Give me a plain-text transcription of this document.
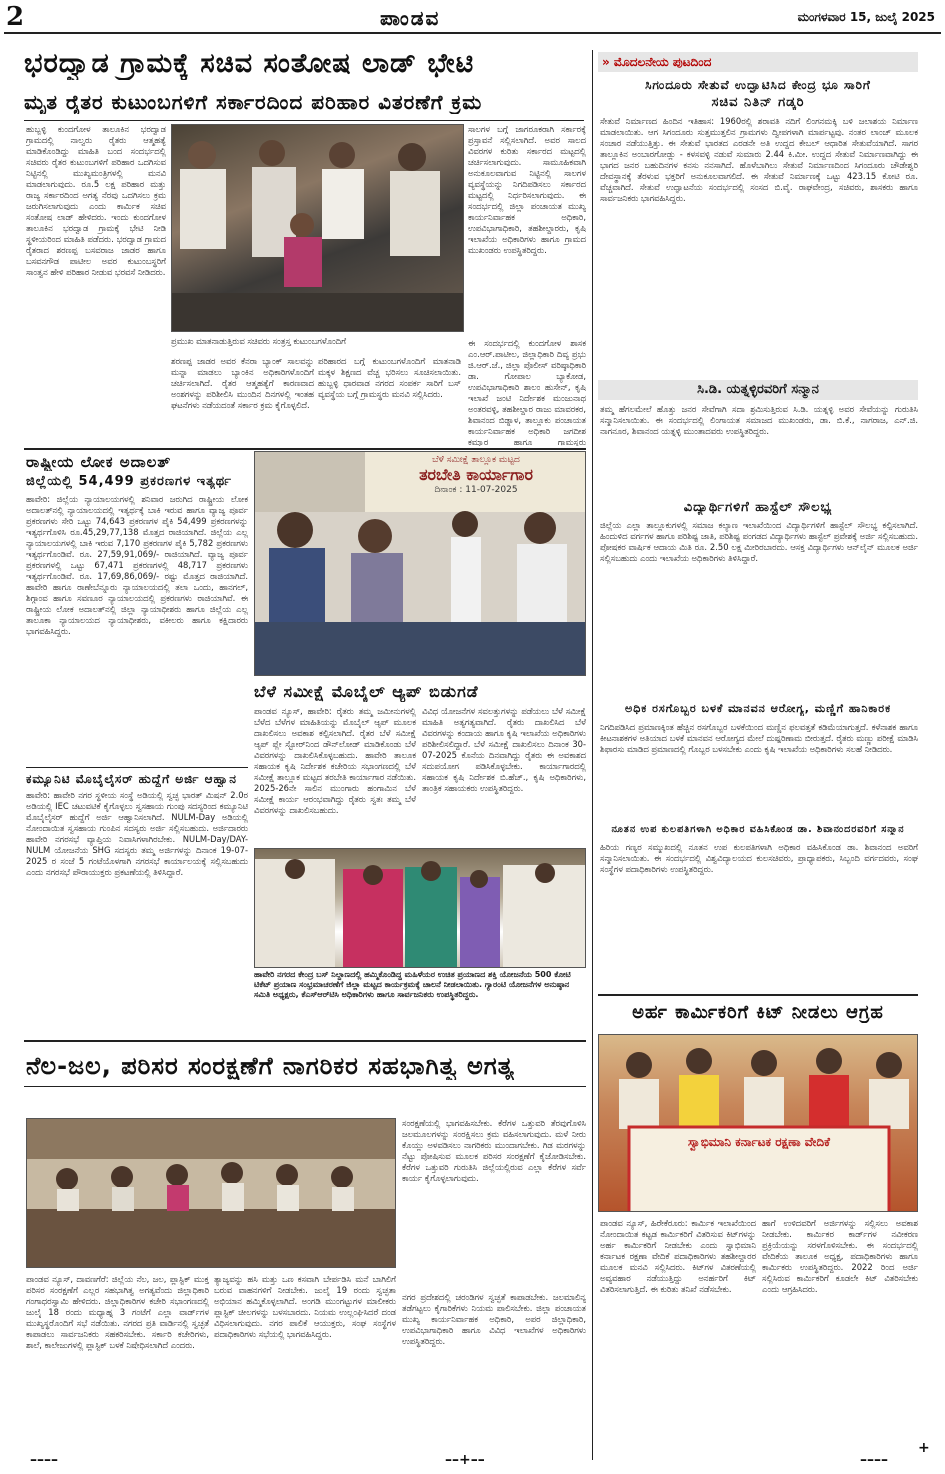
2	ಪಾಂಡವ	ಮಂಗಳವಾರ 15, ಜುಲೈ 2025
ಭರದ್ವಾಡ ಗ್ರಾಮಕ್ಕೆ ಸಚಿವ ಸಂತೋಷ ಲಾಡ್ ಭೇಟಿ
ಮೃತ ರೈತರ ಕುಟುಂಬಗಳಿಗೆ ಸರ್ಕಾರದಿಂದ ಪರಿಹಾರ ವಿತರಣೆಗೆ ಕ್ರಮ
ಹುಬ್ಬಳ್ಳಿ ಕುಂದಗೋಳ ತಾಲೂಕಿನ ಭರದ್ವಾಡ ಗ್ರಾಮದಲ್ಲಿ ನಾಲ್ವರು ರೈತರು ಆತ್ಮಹತ್ಯೆ ಮಾಡಿಕೊಂಡಿದ್ದು ಮಾಹಿತಿ ಬಂದ ಸಂದರ್ಭದಲ್ಲಿ ಸಚಿವರು ರೈತರ ಕುಟುಂಬಗಳಿಗೆ ಪರಿಹಾರ ಒದಗಿಸುವ ನಿಟ್ಟಿನಲ್ಲಿ ಮುಖ್ಯಮಂತ್ರಿಗಳಲ್ಲಿ ಮನವಿ ಮಾಡಲಾಗುವುದು. ರೂ.5 ಲಕ್ಷ ಪರಿಹಾರ ಮತ್ತು ರಾಜ್ಯ ಸರ್ಕಾರದಿಂದ ಅಗತ್ಯ ನೆರವು ಒದಗಿಸಲು ಕ್ರಮ ಜರುಗಿಸಲಾಗುವುದು ಎಂದು ಕಾರ್ಮಿಕ ಸಚಿವ ಸಂತೋಷ ಲಾಡ್ ಹೇಳಿದರು. ಇಂದು ಕುಂದಗೋಳ ತಾಲೂಕಿನ ಭರದ್ವಾಡ ಗ್ರಾಮಕ್ಕೆ ಭೇಟಿ ನೀಡಿ ಸ್ಥಳೀಯರಿಂದ ಮಾಹಿತಿ ಪಡೆದರು. ಭರದ್ವಾಡ ಗ್ರಾಮದ ರೈತರಾದ ಶರಣಪ್ಪ ಬಸವರಾಜ ಜಾಡರ ಹಾಗೂ ಬಸವನಗೌಡ ಪಾಟೀಲ ಅವರ ಕುಟುಂಬಸ್ಥರಿಗೆ ಸಾಂತ್ವನ ಹೇಳಿ ಪರಿಹಾರ ನೀಡುವ ಭರವಸೆ ನೀಡಿದರು.
ಪ್ರಮುಖ ಮಾತನಾಡುತ್ತಿರುವ ಸಚಿವರು ಸಂತ್ರಸ್ತ ಕುಟುಂಬಗಳೊಂದಿಗೆ
ಸಾಲಗಳ ಬಗ್ಗೆ ಜಾಗರೂಕರಾಗಿ ಸರ್ಕಾರಕ್ಕೆ ಪ್ರಸ್ತಾವನೆ ಸಲ್ಲಿಸಲಾಗಿದೆ. ಅವರ ಸಾಲದ ವಿವರಗಳ ಕುರಿತು ಸರ್ಕಾರದ ಮಟ್ಟದಲ್ಲಿ ಚರ್ಚಿಸಲಾಗುವುದು. ಸಾಮೂಹಿಕವಾಗಿ ಅನುಕೂಲವಾಗುವ ನಿಟ್ಟಿನಲ್ಲಿ ಸಾಲಗಳ ವ್ಯವಸ್ಥೆಯನ್ನು ನಿಗದಿಪಡಿಸಲು ಸರ್ಕಾರದ ಮಟ್ಟದಲ್ಲಿ ನಿರ್ಧರಿಸಲಾಗುವುದು. ಈ ಸಂದರ್ಭದಲ್ಲಿ ಜಿಲ್ಲಾ ಪಂಚಾಯತ ಮುಖ್ಯ ಕಾರ್ಯನಿರ್ವಾಹಕ ಅಧಿಕಾರಿ, ಉಪವಿಭಾಗಾಧಿಕಾರಿ, ತಹಶೀಲ್ದಾರರು, ಕೃಷಿ ಇಲಾಖೆಯ ಅಧಿಕಾರಿಗಳು ಹಾಗೂ ಗ್ರಾಮದ ಮುಖಂಡರು ಉಪಸ್ಥಿತರಿದ್ದರು.
ಶರಣಪ್ಪ ಜಾಡರ ಅವರ ಕೆನರಾ ಬ್ಯಾಂಕ್ ಸಾಲವನ್ನು ಮನ್ನಾ ಮಾಡಲು ಬ್ಯಾಂಕಿನ ಅಧಿಕಾರಿಗಳೊಂದಿಗೆ ಚರ್ಚಿಸಲಾಗಿದೆ. ರೈತರ ಆತ್ಮಹತ್ಯೆಗೆ ಕಾರಣವಾದ ಅಂಶಗಳನ್ನು ಪರಿಶೀಲಿಸಿ ಮುಂದಿನ ದಿನಗಳಲ್ಲಿ ಇಂತಹ ಘಟನೆಗಳು ನಡೆಯದಂತೆ ಸರ್ಕಾರ ಕ್ರಮ ಕೈಗೊಳ್ಳಲಿದೆ.
ಪರಿಹಾರದ ಬಗ್ಗೆ ಕುಟುಂಬಗಳೊಂದಿಗೆ ಮಾತನಾಡಿ ಮಕ್ಕಳ ಶಿಕ್ಷಣದ ವೆಚ್ಚ ಭರಿಸಲು ಸೂಚಿಸಲಾಯಿತು. ಹುಬ್ಬಳ್ಳಿ ಧಾರವಾಡ ನಗರದ ಸಂಪರ್ಕ ಸಾರಿಗೆ ಬಸ್ ವ್ಯವಸ್ಥೆಯ ಬಗ್ಗೆ ಗ್ರಾಮಸ್ಥರು ಮನವಿ ಸಲ್ಲಿಸಿದರು.
ಈ ಸಂದರ್ಭದಲ್ಲಿ ಕುಂದಗೋಳ ಶಾಸಕ ಎಂ.ಆರ್.ಪಾಟೀಲ, ಜಿಲ್ಲಾಧಿಕಾರಿ ದಿವ್ಯ ಪ್ರಭು ಜಿ.ಆರ್.ಜೆ., ಜಿಲ್ಲಾ ಪೊಲೀಸ್ ವರಿಷ್ಠಾಧಿಕಾರಿ ಡಾ. ಗೋಪಾಲ ಬ್ಯಾಕೋಡ, ಉಪವಿಭಾಗಾಧಿಕಾರಿ ಶಾಲಂ ಹುಸೇನ್, ಕೃಷಿ ಇಲಾಖೆ ಜಂಟಿ ನಿರ್ದೇಶಕ ಮಂಜುನಾಥ ಅಂತರವಳ್ಳಿ, ತಹಶೀಲ್ದಾರ ರಾಜು ಮಾವರಕರ, ಶಿವಾನಂದ ಬಿಡ್ನಾಳ, ತಾಲ್ಲೂಕು ಪಂಚಾಯತ ಕಾರ್ಯನಿರ್ವಾಹಕ ಅಧಿಕಾರಿ ಜಗದೀಶ ಕಮ್ಮಾರ ಹಾಗೂ ಗ್ರಾಮಸ್ಥರು
ರಾಷ್ಟ್ರೀಯ ಲೋಕ ಅದಾಲತ್
ಜಿಲ್ಲೆಯಲ್ಲಿ 54,499 ಪ್ರಕರಣಗಳ ಇತ್ಯರ್ಥ
ಹಾವೇರಿ: ಜಿಲ್ಲೆಯ ನ್ಯಾಯಾಲಯಗಳಲ್ಲಿ ಶನಿವಾರ ಜರುಗಿದ ರಾಷ್ಟ್ರೀಯ ಲೋಕ ಅದಾಲತ್‌ನಲ್ಲಿ ನ್ಯಾಯಾಲಯದಲ್ಲಿ ಇತ್ಯರ್ಥಕ್ಕೆ ಬಾಕಿ ಇರುವ ಹಾಗೂ ವ್ಯಾಜ್ಯ ಪೂರ್ವ ಪ್ರಕರಣಗಳು ಸೇರಿ ಒಟ್ಟು 74,643 ಪ್ರಕರಣಗಳ ಪೈಕಿ 54,499 ಪ್ರಕರಣಗಳನ್ನು ಇತ್ಯರ್ಥಗೊಳಿಸಿ ರೂ.45,29,77,138 ಮೊತ್ತದ ರಾಜಿಯಾಗಿದೆ. ಜಿಲ್ಲೆಯ ಎಲ್ಲ ನ್ಯಾಯಾಲಯಗಳಲ್ಲಿ ಬಾಕಿ ಇರುವ 7,170 ಪ್ರಕರಣಗಳ ಪೈಕಿ 5,782 ಪ್ರಕರಣಗಳು ಇತ್ಯರ್ಥಗೊಂಡಿವೆ. ರೂ. 27,59,91,069/- ರಾಜಿಯಾಗಿದೆ. ವ್ಯಾಜ್ಯ ಪೂರ್ವ ಪ್ರಕರಣಗಳಲ್ಲಿ ಒಟ್ಟು 67,471 ಪ್ರಕರಣಗಳಲ್ಲಿ 48,717 ಪ್ರಕರಣಗಳು ಇತ್ಯರ್ಥಗೊಂಡಿವೆ. ರೂ. 17,69,86,069/- ರಷ್ಟು ಮೊತ್ತದ ರಾಜಿಯಾಗಿದೆ. ಹಾವೇರಿ ಹಾಗೂ ರಾಣೇಬೆನ್ನೂರು ನ್ಯಾಯಾಲಯದಲ್ಲಿ ತಲಾ ಒಂದು, ಹಾನಗಲ್, ಶಿಗ್ಗಾಂವ ಹಾಗೂ ಸವಣೂರ ನ್ಯಾಯಾಲಯದಲ್ಲಿ ಪ್ರಕರಣಗಳು ರಾಜಿಯಾಗಿವೆ. ಈ ರಾಷ್ಟ್ರೀಯ ಲೋಕ ಅದಾಲತ್‌ನಲ್ಲಿ ಜಿಲ್ಲಾ ನ್ಯಾಯಾಧೀಶರು ಹಾಗೂ ಜಿಲ್ಲೆಯ ಎಲ್ಲ ತಾಲೂಕಾ ನ್ಯಾಯಾಲಯದ ನ್ಯಾಯಾಧೀಶರು, ವಕೀಲರು ಹಾಗೂ ಕಕ್ಷಿದಾರರು ಭಾಗವಹಿಸಿದ್ದರು.
ಕಮ್ಯೂನಿಟಿ ಮೊಬೈಲೈಸರ್ ಹುದ್ದೆಗೆ ಅರ್ಜಿ ಆಹ್ವಾನ
ಹಾವೇರಿ: ಹಾವೇರಿ ನಗರ ಸ್ಥಳೀಯ ಸಂಸ್ಥೆ ಅಡಿಯಲ್ಲಿ ಸ್ವಚ್ಛ ಭಾರತ್ ಮಿಷನ್ 2.0ರ ಅಡಿಯಲ್ಲಿ IEC ಚಟುವಟಿಕೆ ಕೈಗೊಳ್ಳಲು ಸ್ವಸಹಾಯ ಗುಂಪು ಸದಸ್ಯರಿಂದ ಕಮ್ಯೂನಿಟಿ ಮೊಬೈಲೈಸರ್ ಹುದ್ದೆಗೆ ಅರ್ಜಿ ಆಹ್ವಾನಿಸಲಾಗಿದೆ. NULM-Day ಅಡಿಯಲ್ಲಿ ನೋಂದಾಯಿತ ಸ್ವಸಹಾಯ ಗುಂಪಿನ ಸದಸ್ಯರು ಅರ್ಜಿ ಸಲ್ಲಿಸಬಹುದು. ಅರ್ಜಿದಾರರು ಹಾವೇರಿ ನಗರಸಭೆ ವ್ಯಾಪ್ತಿಯ ನಿವಾಸಿಗಳಾಗಿರಬೇಕು. NULM-Day/DAY-NULM ಯೋಜನೆಯ SHG ಸದಸ್ಯರು ತಮ್ಮ ಅರ್ಜಿಗಳನ್ನು ದಿನಾಂಕ 19-07-2025 ರ ಸಂಜೆ 5 ಗಂಟೆಯೊಳಗಾಗಿ ನಗರಸಭೆ ಕಾರ್ಯಾಲಯಕ್ಕೆ ಸಲ್ಲಿಸಬಹುದು ಎಂದು ನಗರಸಭೆ ಪೌರಾಯುಕ್ತರು ಪ್ರಕಟಣೆಯಲ್ಲಿ ತಿಳಿಸಿದ್ದಾರೆ.
ಬೆಳೆ ಸಮೀಕ್ಷೆ ತಾಲ್ಲೂಕ ಮಟ್ಟದ
ತರಬೇತಿ ಕಾರ್ಯಾಗಾರ
ದಿನಾಂಕ : 11-07-2025
ಬೆಳೆ ಸಮೀಕ್ಷೆ ಮೊಬೈಲ್ ಆ್ಯಪ್ ಬಿಡುಗಡೆ
ಪಾಂಡವ ನ್ಯೂಸ್, ಹಾವೇರಿ: ರೈತರು ತಮ್ಮ ಜಮೀನುಗಳಲ್ಲಿ ಬೆಳೆದ ಬೆಳೆಗಳ ಮಾಹಿತಿಯನ್ನು ಮೊಬೈಲ್ ಆ್ಯಪ್ ಮೂಲಕ ದಾಖಲಿಸಲು ಅವಕಾಶ ಕಲ್ಪಿಸಲಾಗಿದೆ. ರೈತರ ಬೆಳೆ ಸಮೀಕ್ಷೆ ಆ್ಯಪ್ ಪ್ಲೇ ಸ್ಟೋರ್‌ನಿಂದ ಡೌನ್‌ಲೋಡ್ ಮಾಡಿಕೊಂಡು ಬೆಳೆ ವಿವರಗಳನ್ನು ದಾಖಲಿಸಿಕೊಳ್ಳಬಹುದು. ಹಾವೇರಿ ತಾಲೂಕ ಸಹಾಯಕ ಕೃಷಿ ನಿರ್ದೇಶಕ ಕಚೇರಿಯ ಸಭಾಂಗಣದಲ್ಲಿ ಬೆಳೆ ಸಮೀಕ್ಷೆ ತಾಲ್ಲೂಕ ಮಟ್ಟದ ತರಬೇತಿ ಕಾರ್ಯಾಗಾರ ನಡೆಯಿತು. 2025-26ನೇ ಸಾಲಿನ ಮುಂಗಾರು ಹಂಗಾಮಿನ ಬೆಳೆ ಸಮೀಕ್ಷೆ ಕಾರ್ಯ ಆರಂಭವಾಗಿದ್ದು ರೈತರು ಸ್ವತಃ ತಮ್ಮ ಬೆಳೆ ವಿವರಗಳನ್ನು ದಾಖಲಿಸಬಹುದು.
ವಿವಿಧ ಯೋಜನೆಗಳ ಸವಲತ್ತುಗಳನ್ನು ಪಡೆಯಲು ಬೆಳೆ ಸಮೀಕ್ಷೆ ಮಾಹಿತಿ ಅತ್ಯಗತ್ಯವಾಗಿದೆ. ರೈತರು ದಾಖಲಿಸಿದ ಬೆಳೆ ವಿವರಗಳನ್ನು ಕಂದಾಯ ಹಾಗೂ ಕೃಷಿ ಇಲಾಖೆಯ ಅಧಿಕಾರಿಗಳು ಪರಿಶೀಲಿಸಲಿದ್ದಾರೆ. ಬೆಳೆ ಸಮೀಕ್ಷೆ ದಾಖಲಿಸಲು ದಿನಾಂಕ 30-07-2025 ಕೊನೆಯ ದಿನವಾಗಿದ್ದು ರೈತರು ಈ ಅವಕಾಶದ ಸದುಪಯೋಗ ಪಡಿಸಿಕೊಳ್ಳಬೇಕು. ಕಾರ್ಯಾಗಾರದಲ್ಲಿ ಸಹಾಯಕ ಕೃಷಿ ನಿರ್ದೇಶಕ ಬಿ.ಹೆಚ್., ಕೃಷಿ ಅಧಿಕಾರಿಗಳು, ತಾಂತ್ರಿಕ ಸಹಾಯಕರು ಉಪಸ್ಥಿತರಿದ್ದರು.
ಹಾವೇರಿ ನಗರದ ಕೇಂದ್ರ ಬಸ್ ನಿಲ್ದಾಣದಲ್ಲಿ ಹಮ್ಮಿಕೊಂಡಿದ್ದ ಮಹಿಳೆಯರ ಉಚಿತ ಪ್ರಯಾಣದ ಶಕ್ತಿ ಯೋಜನೆಯ 500 ಕೋಟಿ ಟಿಕೆಟ್ ಪ್ರಯಾಣ ಸಂಭ್ರಮಾಚರಣೆಗೆ ಜಿಲ್ಲಾ ಮಟ್ಟದ ಕಾರ್ಯಕ್ರಮಕ್ಕೆ ಚಾಲನೆ ನೀಡಲಾಯಿತು. ಗ್ಯಾರಂಟಿ ಯೋಜನೆಗಳ ಅನುಷ್ಠಾನ ಸಮಿತಿ ಅಧ್ಯಕ್ಷರು, ಕೆಎಸ್‌ಆರ್‌ಟಿಸಿ ಅಧಿಕಾರಿಗಳು ಹಾಗೂ ಸಾರ್ವಜನಿಕರು ಉಪಸ್ಥಿತರಿದ್ದರು.
ನೆಲ-ಜಲ, ಪರಿಸರ ಸಂರಕ್ಷಣೆಗೆ ನಾಗರಿಕರ ಸಹಭಾಗಿತ್ವ ಅಗತ್ಯ
ಪಾಂಡವ ನ್ಯೂಸ್, ದಾವಣಗೆರೆ: ಜಿಲ್ಲೆಯ ನೆಲ, ಜಲ, ಪ್ಲಾಸ್ಟಿಕ್ ಮುಕ್ತ ಪರಿಸರ ಸಂರಕ್ಷಣೆಗೆ ಎಲ್ಲರ ಸಹಭಾಗಿತ್ವ ಅಗತ್ಯವೆಂದು ಜಿಲ್ಲಾಧಿಕಾರಿ ಗಂಗಾಧರಸ್ವಾಮಿ ಹೇಳಿದರು. ಜಿಲ್ಲಾಧಿಕಾರಿಗಳ ಕಚೇರಿ ಸಭಾಂಗಣದಲ್ಲಿ ಜುಲೈ 18 ರಂದು ಮಧ್ಯಾಹ್ನ 3 ಗಂಟೆಗೆ ಎಲ್ಲಾ ವಾರ್ಡ್‌ಗಳ ಮುಖ್ಯಸ್ಥರೊಂದಿಗೆ ಸಭೆ ನಡೆಯಿತು. ನಗರದ ಪ್ರತಿ ವಾರ್ಡಿನಲ್ಲಿ ಸ್ವಚ್ಛತೆ ಕಾಪಾಡಲು ಸಾರ್ವಜನಿಕರು ಸಹಕರಿಸಬೇಕು. ಸರ್ಕಾರಿ ಕಚೇರಿಗಳು, ಶಾಲೆ, ಕಾಲೇಜುಗಳಲ್ಲಿ ಪ್ಲಾಸ್ಟಿಕ್ ಬಳಕೆ ನಿಷೇಧಿಸಲಾಗಿದೆ ಎಂದರು.
ತ್ಯಾಜ್ಯವನ್ನು ಹಸಿ ಮತ್ತು ಒಣ ಕಸವಾಗಿ ಬೇರ್ಪಡಿಸಿ ಮನೆ ಬಾಗಿಲಿಗೆ ಬರುವ ವಾಹನಗಳಿಗೆ ನೀಡಬೇಕು. ಜುಲೈ 19 ರಂದು ಸ್ವಚ್ಛತಾ ಅಭಿಯಾನ ಹಮ್ಮಿಕೊಳ್ಳಲಾಗಿದೆ. ಅಂಗಡಿ ಮುಂಗಟ್ಟುಗಳ ಮಾಲೀಕರು ಪ್ಲಾಸ್ಟಿಕ್ ಚೀಲಗಳನ್ನು ಬಳಸಬಾರದು. ನಿಯಮ ಉಲ್ಲಂಘಿಸಿದರೆ ದಂಡ ವಿಧಿಸಲಾಗುವುದು. ನಗರ ಪಾಲಿಕೆ ಆಯುಕ್ತರು, ಸಂಘ ಸಂಸ್ಥೆಗಳ ಪದಾಧಿಕಾರಿಗಳು ಸಭೆಯಲ್ಲಿ ಭಾಗವಹಿಸಿದ್ದರು.
ಸಂರಕ್ಷಣೆಯಲ್ಲಿ ಭಾಗವಹಿಸಬೇಕು. ಕೆರೆಗಳ ಒತ್ತುವರಿ ತೆರವುಗೊಳಿಸಿ ಜಲಮೂಲಗಳನ್ನು ಸಂರಕ್ಷಿಸಲು ಕ್ರಮ ವಹಿಸಲಾಗುವುದು. ಮಳೆ ನೀರು ಕೊಯ್ಲು ಅಳವಡಿಸಲು ನಾಗರಿಕರು ಮುಂದಾಗಬೇಕು. ಗಿಡ ಮರಗಳನ್ನು ನೆಟ್ಟು ಪೋಷಿಸುವ ಮೂಲಕ ಪರಿಸರ ಸಂರಕ್ಷಣೆಗೆ ಕೈಜೋಡಿಸಬೇಕು. ಕೆರೆಗಳ ಒತ್ತುವರಿ ಗುರುತಿಸಿ ಜಿಲ್ಲೆಯಲ್ಲಿರುವ ಎಲ್ಲಾ ಕೆರೆಗಳ ಸರ್ವೆ ಕಾರ್ಯ ಕೈಗೊಳ್ಳಲಾಗುವುದು.
ನಗರ ಪ್ರದೇಶದಲ್ಲಿ ಚರಂಡಿಗಳ ಸ್ವಚ್ಛತೆ ಕಾಪಾಡಬೇಕು. ಜಲಮಾಲಿನ್ಯ ತಡೆಗಟ್ಟಲು ಕೈಗಾರಿಕೆಗಳು ನಿಯಮ ಪಾಲಿಸಬೇಕು. ಜಿಲ್ಲಾ ಪಂಚಾಯತ ಮುಖ್ಯ ಕಾರ್ಯನಿರ್ವಾಹಕ ಅಧಿಕಾರಿ, ಅಪರ ಜಿಲ್ಲಾಧಿಕಾರಿ, ಉಪವಿಭಾಗಾಧಿಕಾರಿ ಹಾಗೂ ವಿವಿಧ ಇಲಾಖೆಗಳ ಅಧಿಕಾರಿಗಳು ಉಪಸ್ಥಿತರಿದ್ದರು.
» ಮೊದಲನೇಯ ಪುಟದಿಂದ
ಸಿಗಂದೂರು ಸೇತುವೆ ಉದ್ಘಾಟಿಸಿದ ಕೇಂದ್ರ ಭೂ ಸಾರಿಗೆ
ಸಚಿವ ನಿತಿನ್ ಗಡ್ಕರಿ
ಸೇತುವೆ ನಿರ್ಮಾಣದ ಹಿಂದಿನ ಇತಿಹಾಸ: 1960ರಲ್ಲಿ ಶರಾವತಿ ನದಿಗೆ ಲಿಂಗನಮಕ್ಕಿ ಬಳಿ ಜಲಾಶಯ ನಿರ್ಮಾಣ ಮಾಡಲಾಯಿತು. ಆಗ ಸಿಗಂದೂರು ಸುತ್ತಮುತ್ತಲಿನ ಗ್ರಾಮಗಳು ದ್ವೀಪಗಳಾಗಿ ಮಾರ್ಪಟ್ಟವು. ನಂತರ ಲಾಂಚ್ ಮೂಲಕ ಸಂಚಾರ ನಡೆಯುತ್ತಿತ್ತು. ಈ ಸೇತುವೆ ಭಾರತದ ಎರಡನೇ ಅತಿ ಉದ್ದದ ಕೇಬಲ್ ಆಧಾರಿತ ಸೇತುವೆಯಾಗಿದೆ. ಸಾಗರ ತಾಲ್ಲೂಕಿನ ಅಂಬಾರಗೋಡ್ಲು - ಕಳಸವಳ್ಳಿ ನಡುವೆ ಸುಮಾರು 2.44 ಕಿ.ಮೀ. ಉದ್ದದ ಸೇತುವೆ ನಿರ್ಮಾಣವಾಗಿದ್ದು ಈ ಭಾಗದ ಜನರ ಬಹುದಿನಗಳ ಕನಸು ನನಸಾಗಿದೆ. ಹೊಳೆಬಾಗಿಲು ಸೇತುವೆ ನಿರ್ಮಾಣದಿಂದ ಸಿಗಂದೂರು ಚೌಡೇಶ್ವರಿ ದೇವಸ್ಥಾನಕ್ಕೆ ತೆರಳುವ ಭಕ್ತರಿಗೆ ಅನುಕೂಲವಾಗಲಿದೆ. ಈ ಸೇತುವೆ ನಿರ್ಮಾಣಕ್ಕೆ ಒಟ್ಟು 423.15 ಕೋಟಿ ರೂ. ವೆಚ್ಚವಾಗಿದೆ. ಸೇತುವೆ ಉದ್ಘಾಟನೆಯ ಸಂದರ್ಭದಲ್ಲಿ ಸಂಸದ ಬಿ.ವೈ. ರಾಘವೇಂದ್ರ, ಸಚಿವರು, ಶಾಸಕರು ಹಾಗೂ ಸಾರ್ವಜನಿಕರು ಭಾಗವಹಿಸಿದ್ದರು.
ಸಿ.ಡಿ. ಯತ್ನಳ್ಳಿರವರಿಗೆ ಸನ್ಮಾನ
ತಮ್ಮ ಹೆಗಲಮೇಲೆ ಹೊತ್ತು ಜನರ ಸೇವೆಗಾಗಿ ಸದಾ ಶ್ರಮಿಸುತ್ತಿರುವ ಸಿ.ಡಿ. ಯತ್ನಳ್ಳಿ ಅವರ ಸೇವೆಯನ್ನು ಗುರುತಿಸಿ ಸನ್ಮಾನಿಸಲಾಯಿತು. ಈ ಸಂದರ್ಭದಲ್ಲಿ ಲಿಂಗಾಯತ ಸಮಾಜದ ಮುಖಂಡರು, ಡಾ. ಬಿ.ಕೆ., ನಾಗರಾಜ, ಎನ್.ಜಿ. ನಾಗನೂರ, ಶಿವಾನಂದ ಯತ್ನಳ್ಳಿ ಮುಂತಾದವರು ಉಪಸ್ಥಿತರಿದ್ದರು.
ವಿದ್ಯಾರ್ಥಿಗಳಿಗೆ ಹಾಸ್ಟೆಲ್ ಸೌಲಭ್ಯ
ಜಿಲ್ಲೆಯ ಎಲ್ಲಾ ತಾಲ್ಲೂಕುಗಳಲ್ಲಿ ಸಮಾಜ ಕಲ್ಯಾಣ ಇಲಾಖೆಯಿಂದ ವಿದ್ಯಾರ್ಥಿಗಳಿಗೆ ಹಾಸ್ಟೆಲ್ ಸೌಲಭ್ಯ ಕಲ್ಪಿಸಲಾಗಿದೆ. ಹಿಂದುಳಿದ ವರ್ಗಗಳ ಹಾಗೂ ಪರಿಶಿಷ್ಟ ಜಾತಿ, ಪರಿಶಿಷ್ಟ ಪಂಗಡದ ವಿದ್ಯಾರ್ಥಿಗಳು ಹಾಸ್ಟೆಲ್ ಪ್ರವೇಶಕ್ಕೆ ಅರ್ಜಿ ಸಲ್ಲಿಸಬಹುದು. ಪೋಷಕರ ವಾರ್ಷಿಕ ಆದಾಯ ಮಿತಿ ರೂ. 2.50 ಲಕ್ಷ ಮೀರಿರಬಾರದು. ಆಸಕ್ತ ವಿದ್ಯಾರ್ಥಿಗಳು ಆನ್‌ಲೈನ್ ಮೂಲಕ ಅರ್ಜಿ ಸಲ್ಲಿಸಬಹುದು ಎಂದು ಇಲಾಖೆಯ ಅಧಿಕಾರಿಗಳು ತಿಳಿಸಿದ್ದಾರೆ.
ಅಧಿಕ ರಸಗೊಬ್ಬರ ಬಳಕೆ ಮಾನವನ ಆರೋಗ್ಯ, ಮಣ್ಣಿಗೆ ಹಾನಿಕಾರಕ
ನಿಗದಿಪಡಿಸಿದ ಪ್ರಮಾಣಕ್ಕಿಂತ ಹೆಚ್ಚಿನ ರಸಗೊಬ್ಬರ ಬಳಕೆಯಿಂದ ಮಣ್ಣಿನ ಫಲವತ್ತತೆ ಕಡಿಮೆಯಾಗುತ್ತದೆ. ಕಳೆನಾಶಕ ಹಾಗೂ ಕೀಟನಾಶಕಗಳ ಅತಿಯಾದ ಬಳಕೆ ಮಾನವನ ಆರೋಗ್ಯದ ಮೇಲೆ ದುಷ್ಪರಿಣಾಮ ಬೀರುತ್ತದೆ. ರೈತರು ಮಣ್ಣು ಪರೀಕ್ಷೆ ಮಾಡಿಸಿ ಶಿಫಾರಸು ಮಾಡಿದ ಪ್ರಮಾಣದಲ್ಲಿ ಗೊಬ್ಬರ ಬಳಸಬೇಕು ಎಂದು ಕೃಷಿ ಇಲಾಖೆಯ ಅಧಿಕಾರಿಗಳು ಸಲಹೆ ನೀಡಿದರು.
ನೂತನ ಉಪ ಕುಲಪತಿಗಳಾಗಿ ಅಧಿಕಾರ ವಹಿಸಿಕೊಂಡ ಡಾ. ಶಿವಾನಂದರವರಿಗೆ ಸನ್ಮಾನ
ಹಿರಿಯ ಗಣ್ಯರ ಸಮ್ಮುಖದಲ್ಲಿ ನೂತನ ಉಪ ಕುಲಪತಿಗಳಾಗಿ ಅಧಿಕಾರ ವಹಿಸಿಕೊಂಡ ಡಾ. ಶಿವಾನಂದ ಅವರಿಗೆ ಸನ್ಮಾನಿಸಲಾಯಿತು. ಈ ಸಂದರ್ಭದಲ್ಲಿ ವಿಶ್ವವಿದ್ಯಾಲಯದ ಕುಲಸಚಿವರು, ಪ್ರಾಧ್ಯಾಪಕರು, ಸಿಬ್ಬಂದಿ ವರ್ಗದವರು, ಸಂಘ ಸಂಸ್ಥೆಗಳ ಪದಾಧಿಕಾರಿಗಳು ಉಪಸ್ಥಿತರಿದ್ದರು.
ಅರ್ಹ ಕಾರ್ಮಿಕರಿಗೆ ಕಿಟ್ ನೀಡಲು ಆಗ್ರಹ
ಸ್ವಾಭಿಮಾನಿ ಕರ್ನಾಟಕ ರಕ್ಷಣಾ ವೇದಿಕೆ
ಪಾಂಡವ ನ್ಯೂಸ್, ಹಿರೇಕೆರೂರು: ಕಾರ್ಮಿಕ ಇಲಾಖೆಯಿಂದ ನೋಂದಾಯಿತ ಕಟ್ಟಡ ಕಾರ್ಮಿಕರಿಗೆ ವಿತರಿಸುವ ಕಿಟ್‌ಗಳನ್ನು ಅರ್ಹ ಕಾರ್ಮಿಕರಿಗೆ ನೀಡಬೇಕು ಎಂದು ಸ್ವಾಭಿಮಾನಿ ಕರ್ನಾಟಕ ರಕ್ಷಣಾ ವೇದಿಕೆ ಪದಾಧಿಕಾರಿಗಳು ತಹಶೀಲ್ದಾರರ ಮೂಲಕ ಮನವಿ ಸಲ್ಲಿಸಿದರು. ಕಿಟ್‌ಗಳ ವಿತರಣೆಯಲ್ಲಿ ಅವ್ಯವಹಾರ ನಡೆಯುತ್ತಿದ್ದು ಅನರ್ಹರಿಗೆ ಕಿಟ್ ವಿತರಿಸಲಾಗುತ್ತಿದೆ. ಈ ಕುರಿತು ತನಿಖೆ ನಡೆಸಬೇಕು.
ಹಾಗೆ ಉಳಿದವರಿಗೆ ಅರ್ಜಿಗಳನ್ನು ಸಲ್ಲಿಸಲು ಅವಕಾಶ ನೀಡಬೇಕು. ಕಾರ್ಮಿಕರ ಕಾರ್ಡ್‌ಗಳ ನವೀಕರಣ ಪ್ರಕ್ರಿಯೆಯನ್ನು ಸರಳಗೊಳಿಸಬೇಕು. ಈ ಸಂದರ್ಭದಲ್ಲಿ ವೇದಿಕೆಯ ತಾಲೂಕ ಅಧ್ಯಕ್ಷ, ಪದಾಧಿಕಾರಿಗಳು ಹಾಗೂ ಕಾರ್ಮಿಕರು ಉಪಸ್ಥಿತರಿದ್ದರು. 2022 ರಿಂದ ಅರ್ಜಿ ಸಲ್ಲಿಸಿರುವ ಕಾರ್ಮಿಕರಿಗೆ ಕೂಡಲೇ ಕಿಟ್ ವಿತರಿಸಬೇಕು ಎಂದು ಆಗ್ರಹಿಸಿದರು.
––––	––+––	––––
+
